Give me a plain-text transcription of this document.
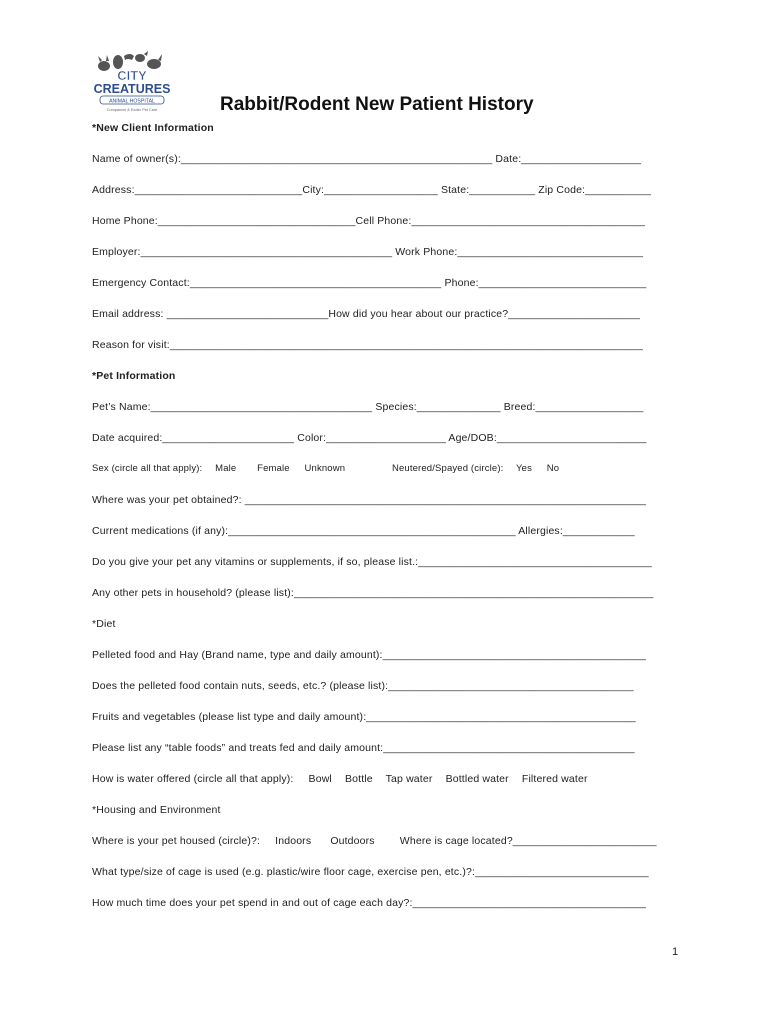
CITY
CREATURES
ANIMAL HOSPITAL
Companion & Exotic Pet Care	Rabbit/Rodent New Patient History
*New Client Information
Name of owner(s):____________________________________________________ Date:____________________
Address:____________________________City:___________________ State:___________ Zip Code:___________
Home Phone:_________________________________Cell Phone:_______________________________________
Employer:__________________________________________ Work Phone:_______________________________
Emergency Contact:__________________________________________ Phone:____________________________
Email address: ___________________________How did you hear about our practice?______________________
Reason for visit:_______________________________________________________________________________
*Pet Information
Pet’s Name:_____________________________________ Species:______________ Breed:__________________
Date acquired:______________________ Color:____________________ Age/DOB:_________________________
Sex (circle all that apply): Male Female Unknown	Neutered/Spayed (circle): Yes No
Where was your pet obtained?: ___________________________________________________________________
Current medications (if any):________________________________________________ Allergies:____________
Do you give your pet any vitamins or supplements, if so, please list.:_______________________________________
Any other pets in household? (please list):____________________________________________________________
*Diet
Pelleted food and Hay (Brand name, type and daily amount):____________________________________________
Does the pelleted food contain nuts, seeds, etc.? (please list):_________________________________________
Fruits and vegetables (please list type and daily amount):_____________________________________________
Please list any “table foods” and treats fed and daily amount:__________________________________________
How is water offered (circle all that apply): Bowl Bottle Tap water Bottled water Filtered water
*Housing and Environment
Where is your pet housed (circle)?: Indoors Outdoors Where is cage located?________________________
What type/size of cage is used (e.g. plastic/wire floor cage, exercise pen, etc.)?:_____________________________
How much time does your pet spend in and out of cage each day?:_______________________________________
1
